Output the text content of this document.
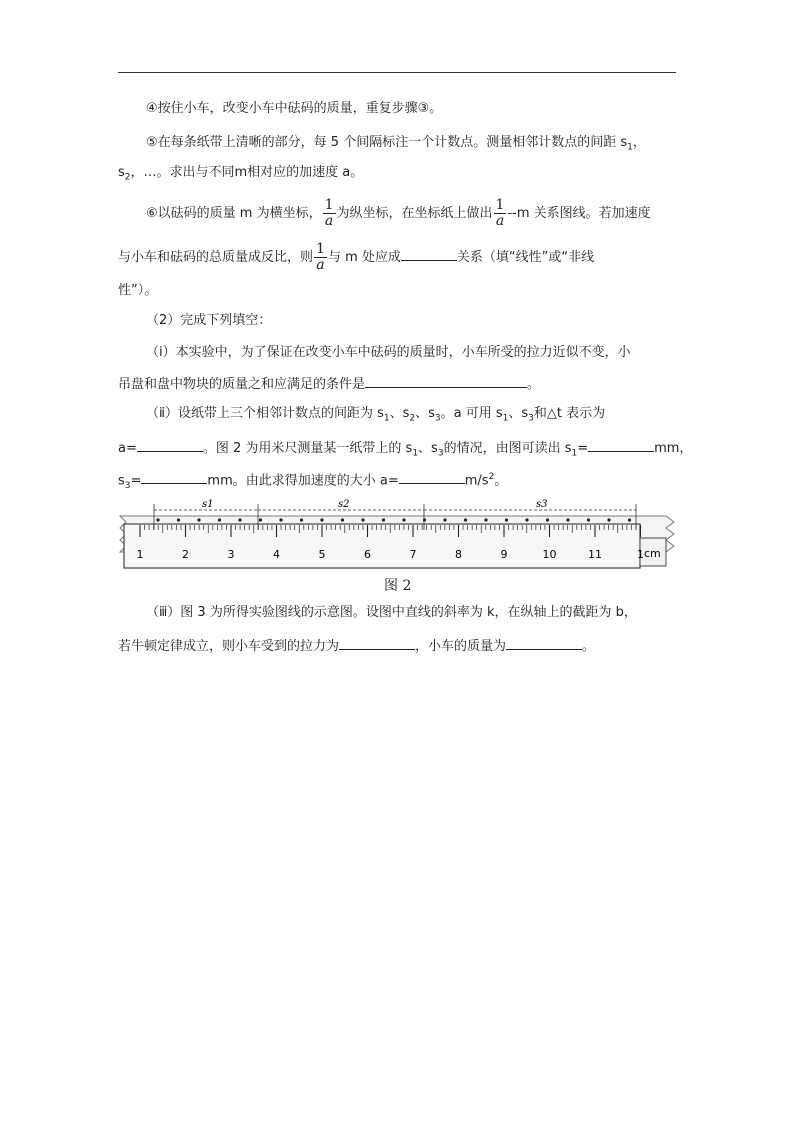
④按住小车，改变小车中砝码的质量，重复步骤③。
⑤在每条纸带上清晰的部分，每 5 个间隔标注一个计数点。测量相邻计数点的间距 $s_1$，
$s_2$，…。求出与不同m相对应的加速度 a。
⑥以砝码的质量 m 为横坐标， $\frac{1}{a}$ 为纵坐标，在坐标纸上做出 $\frac{1}{a} --m$ 关系图线。若加速度
与小车和砝码的总质量成反比，则 $\frac{1}{a}$ 与 m 处应成	关系（填“线性”或“非线
性”）。
（2）完成下列填空：
（ⅰ）本实验中，为了保证在改变小车中砝码的质量时，小车所受的拉力近似不变，小
吊盘和盘中物块的质量之和应满足的条件是	。
（ⅱ）设纸带上三个相邻计数点的间距为 $s_1$、$s_2$、$s_3$。a 可用 $s_1$、$s_3$和△t 表示为
a=	。图 2 为用米尺测量某一纸带上的 $s_1$、$s_3$的情况，由图可读出 $s_1=$	mm，
$s_3=$	mm。由此求得加速度的大小 a=	$m/s^2$。
1	2	3	4	5	6	7	8	9	10	11	1
s1	s2	s3
cm
图 2
（ⅲ）图 3 为所得实验图线的示意图。设图中直线的斜率为 k，在纵轴上的截距为 b，
若牛顿定律成立，则小车受到的拉力为	，小车的质量为	。
